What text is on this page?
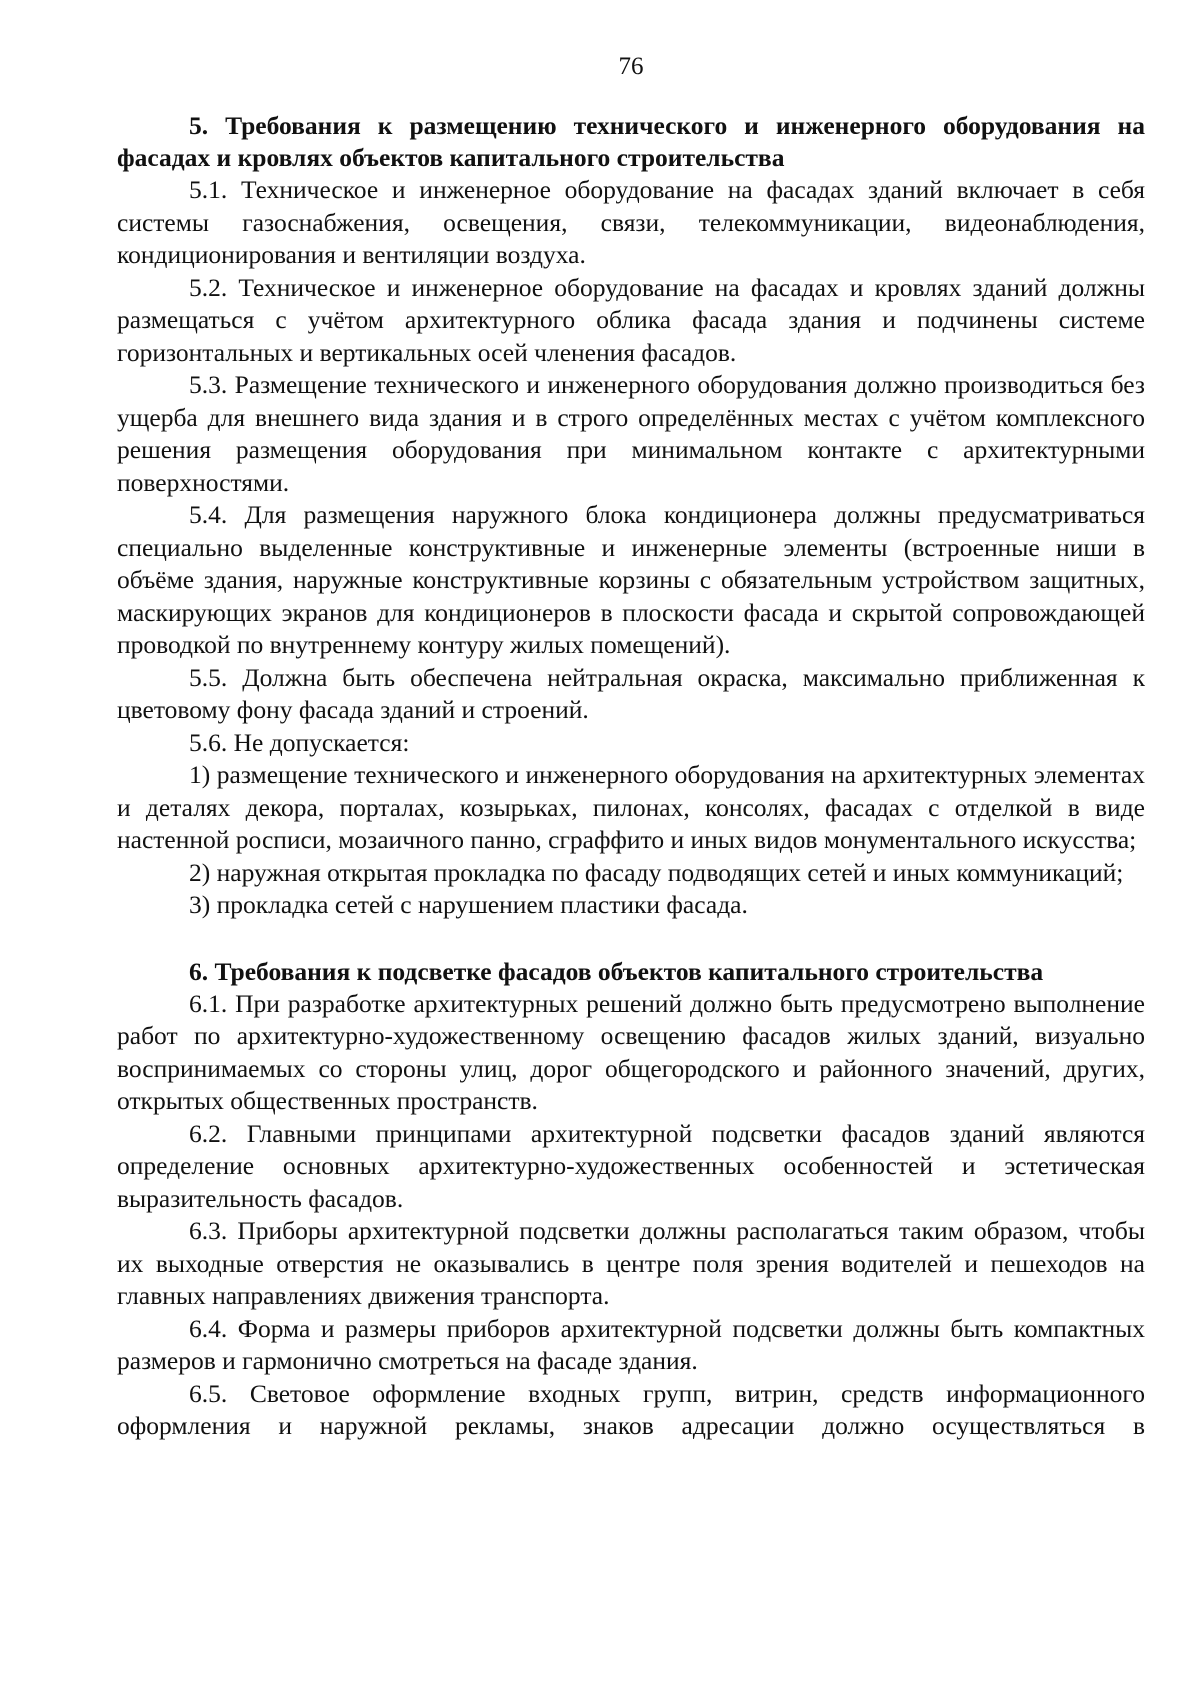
76

5. Требования к размещению технического и инженерного оборудования на фасадах и кровлях объектов капитального строительства

5.1. Техническое и инженерное оборудование на фасадах зданий включает в себя системы газоснабжения, освещения, связи, телекоммуникации, видеонаблюдения, кондиционирования и вентиляции воздуха.

5.2. Техническое и инженерное оборудование на фасадах и кровлях зданий должны размещаться с учётом архитектурного облика фасада здания и подчинены системе горизонтальных и вертикальных осей членения фасадов.

5.3. Размещение технического и инженерного оборудования должно производиться без ущерба для внешнего вида здания и в строго определённых местах с учётом комплексного решения размещения оборудования при минимальном контакте с архитектурными поверхностями.

5.4. Для размещения наружного блока кондиционера должны предусматриваться специально выделенные конструктивные и инженерные элементы (встроенные ниши в объёме здания, наружные конструктивные корзины с обязательным устройством защитных, маскирующих экранов для кондиционеров в плоскости фасада и скрытой сопровождающей проводкой по внутреннему контуру жилых помещений).

5.5. Должна быть обеспечена нейтральная окраска, максимально приближенная к цветовому фону фасада зданий и строений.

5.6. Не допускается:

1) размещение технического и инженерного оборудования на архитектурных элементах и деталях декора, порталах, козырьках, пилонах, консолях, фасадах с отделкой в виде настенной росписи, мозаичного панно, сграффито и иных видов монументального искусства;

2) наружная открытая прокладка по фасаду подводящих сетей и иных коммуникаций;

3) прокладка сетей с нарушением пластики фасада.

6. Требования к подсветке фасадов объектов капитального строительства

6.1. При разработке архитектурных решений должно быть предусмотрено выполнение работ по архитектурно-художественному освещению фасадов жилых зданий, визуально воспринимаемых со стороны улиц, дорог общегородского и районного значений, других, открытых общественных пространств.

6.2. Главными принципами архитектурной подсветки фасадов зданий являются определение основных архитектурно-художественных особенностей и эстетическая выразительность фасадов.

6.3. Приборы архитектурной подсветки должны располагаться таким образом, чтобы их выходные отверстия не оказывались в центре поля зрения водителей и пешеходов на главных направлениях движения транспорта.

6.4. Форма и размеры приборов архитектурной подсветки должны быть компактных размеров и гармонично смотреться на фасаде здания.

6.5. Световое оформление входных групп, витрин, средств информационного оформления и наружной рекламы, знаков адресации должно осуществляться в
